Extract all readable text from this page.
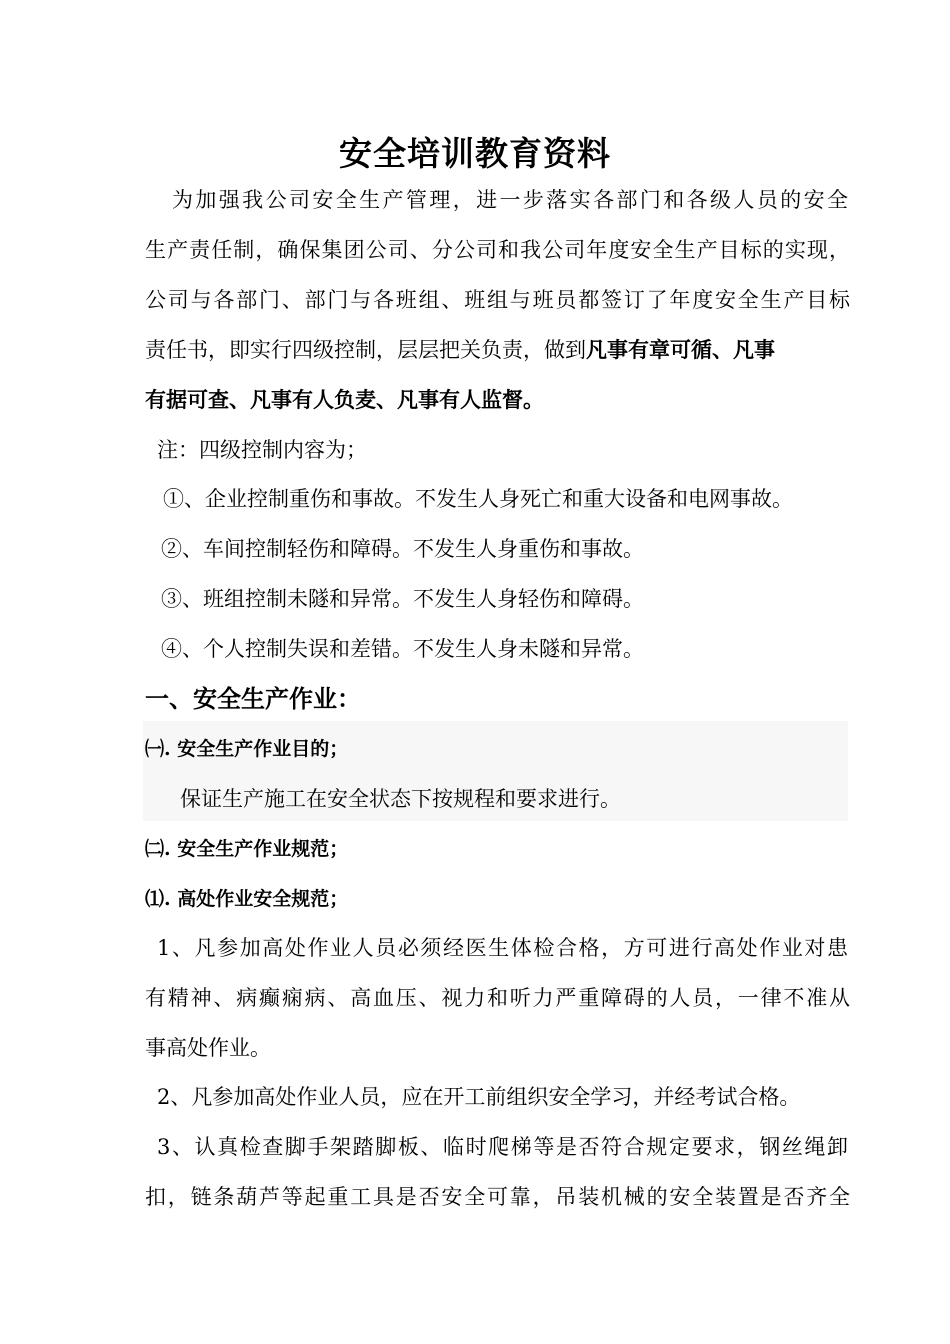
安全培训教育资料
为加强我公司安全生产管理，进一步落实各部门和各级人员的安全
生产责任制，确保集团公司、分公司和我公司年度安全生产目标的实现，
公司与各部门、部门与各班组、班组与班员都签订了年度安全生产目标
责任书，即实行四级控制，层层把关负责，做到凡事有章可循、凡事
有据可查、凡事有人负麦、凡事有人监督。
注：四级控制内容为；
①、企业控制重伤和事故。不发生人身死亡和重大设备和电网事故。
②、车间控制轻伤和障碍。不发生人身重伤和事故。
③、班组控制未隧和异常。不发生人身轻伤和障碍。
④、个人控制失误和差错。不发生人身未隧和异常。
一、安全生产作业：
㈠. 安全生产作业目的；
保证生产施工在安全状态下按规程和要求进行。
㈡. 安全生产作业规范；
⑴. 高处作业安全规范；
1、凡参加高处作业人员必须经医生体检合格，方可进行高处作业对患
有精神、病癫痫病、高血压、视力和听力严重障碍的人员，一律不准从
事高处作业。
2、凡参加高处作业人员，应在开工前组织安全学习，并经考试合格。
3、认真检查脚手架踏脚板、临时爬梯等是否符合规定要求，钢丝绳卸
扣，链条葫芦等起重工具是否安全可靠，吊装机械的安全装置是否齐全
